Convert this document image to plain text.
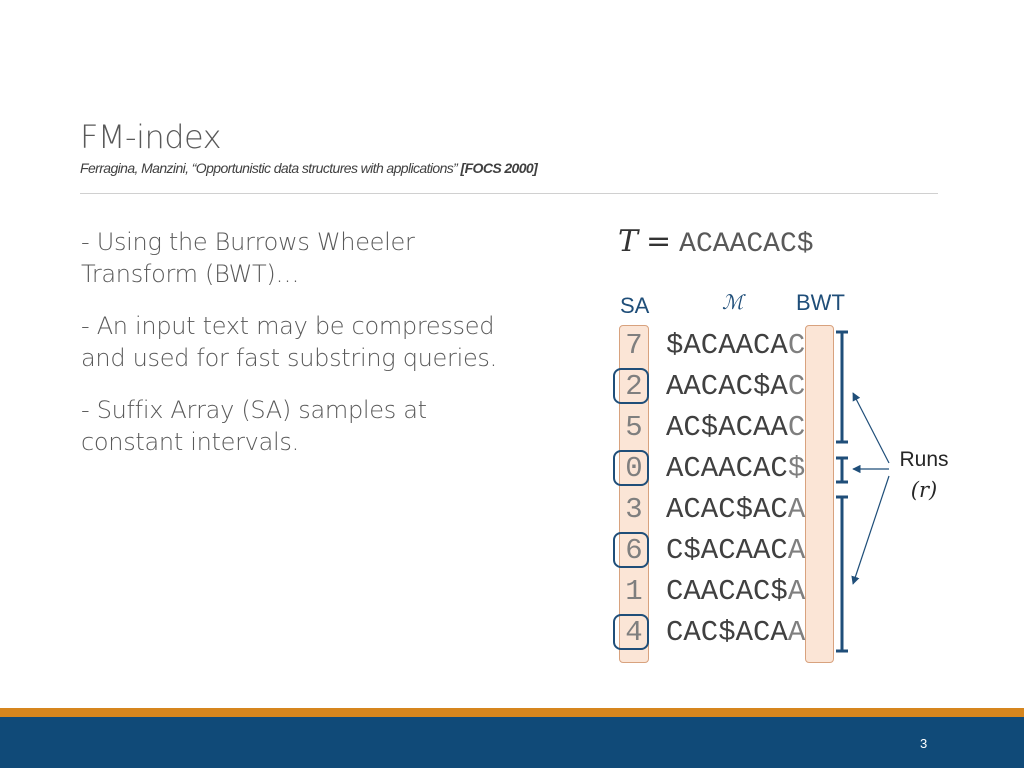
FM-index
Ferragina, Manzini, “Opportunistic data structures with applications” [FOCS 2000]
- Using the Burrows Wheeler Transform (BWT)…
- An input text may be compressed and used for fast substring queries.
- Suffix Array (SA) samples at constant intervals.
T = ACAACAC$
SA	ℳ BWT
7 $ACAACAC
2 AACAC$AC
5 AC$ACAAC
0 ACAACAC$
3 ACAC$ACA
6 C$ACAACA
1 CAACAC$A
4 CAC$ACAA
Runs
(r)
3
